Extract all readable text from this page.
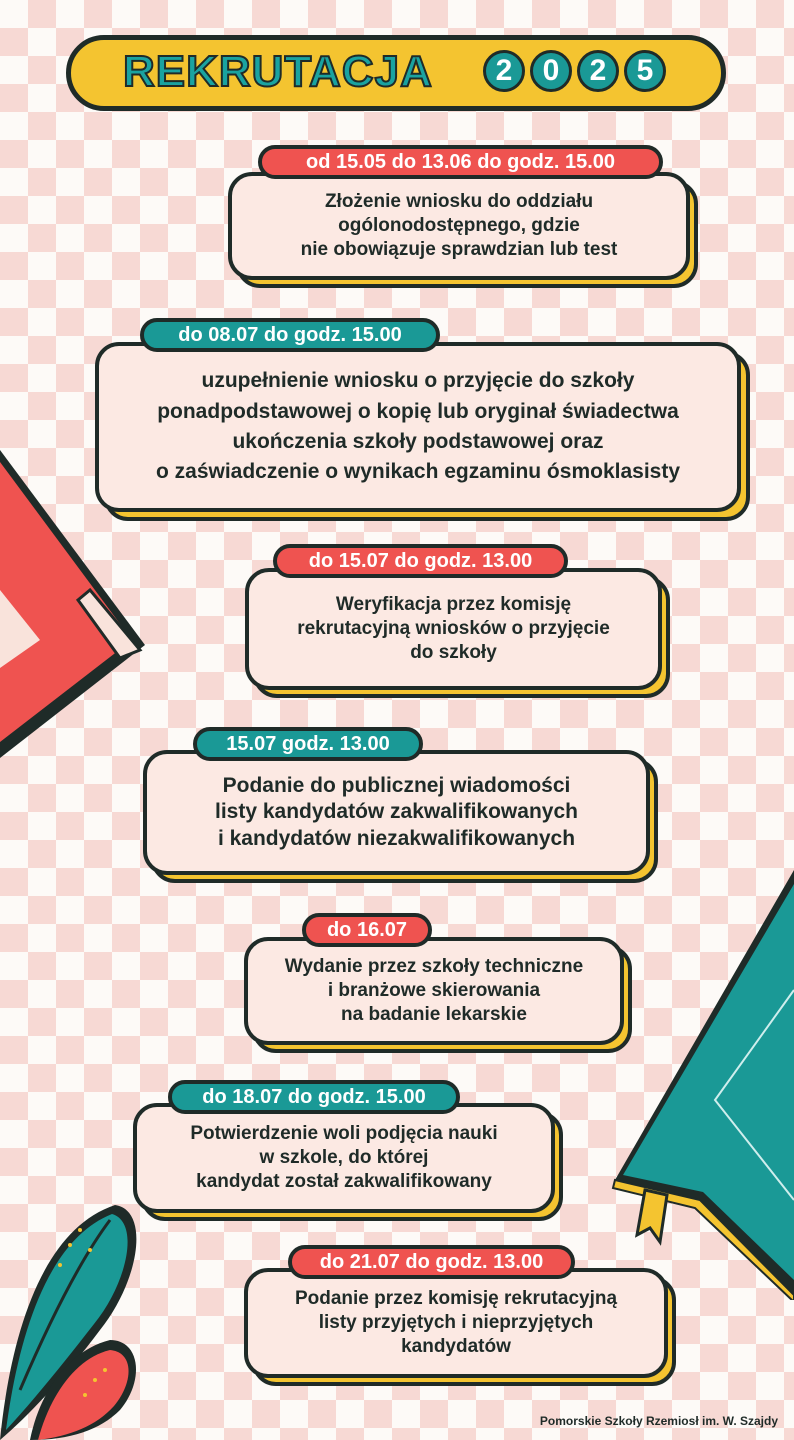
REKRUTACJA	2	0	2	5
Złożenie wniosku do oddziału
ogólonodostępnego, gdzie
nie obowiązuje sprawdzian lub test
od 15.05 do 13.06 do godz. 15.00
uzupełnienie wniosku o przyjęcie do szkoły
ponadpodstawowej o kopię lub oryginał świadectwa
ukończenia szkoły podstawowej oraz
o zaświadczenie o wynikach egzaminu ósmoklasisty
do 08.07 do godz. 15.00
Weryfikacja przez komisję
rekrutacyjną wniosków o przyjęcie
do szkoły
do 15.07 do godz. 13.00
Podanie do publicznej wiadomości
listy kandydatów zakwalifikowanych
i kandydatów niezakwalifikowanych
15.07 godz. 13.00
Wydanie przez szkoły techniczne
i branżowe skierowania
na badanie lekarskie
do 16.07
Potwierdzenie woli podjęcia nauki
w szkole, do której
kandydat został zakwalifikowany
do 18.07 do godz. 15.00
Podanie przez komisję rekrutacyjną
listy przyjętych i nieprzyjętych
kandydatów
do 21.07 do godz. 13.00
Pomorskie Szkoły Rzemiosł im. W. Szajdy
